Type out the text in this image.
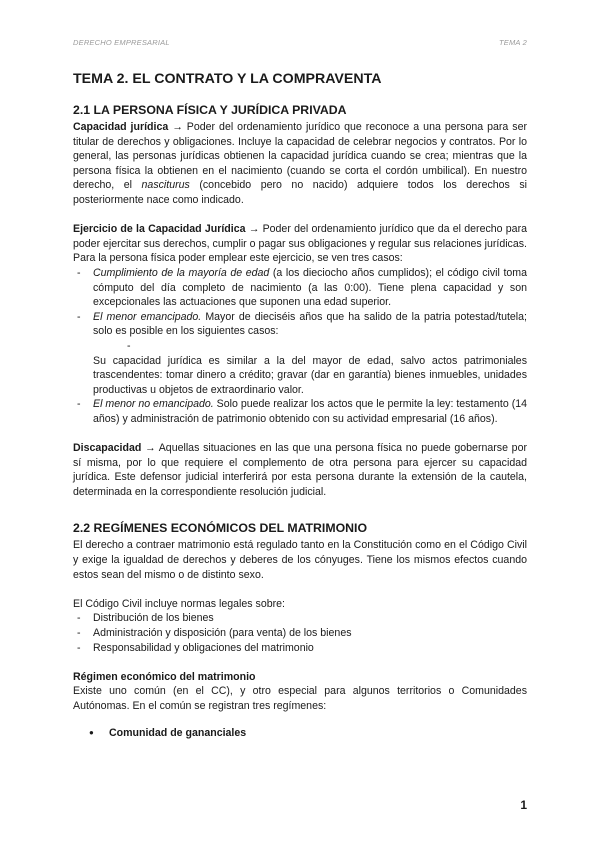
DERECHO EMPRESARIAL	TEMA 2
TEMA 2. EL CONTRATO Y LA COMPRAVENTA
2.1 LA PERSONA FÍSICA Y JURÍDICA PRIVADA

Capacidad jurídica → Poder del ordenamiento jurídico que reconoce a una persona para ser titular de derechos y obligaciones. Incluye la capacidad de celebrar negocios y contratos. Por lo general, las personas jurídicas obtienen la capacidad jurídica cuando se crea; mientras que la persona física la obtienen en el nacimiento (cuando se corta el cordón umbilical). En nuestro derecho, el nasciturus (concebido pero no nacido) adquiere todos los derechos si posteriormente nace como indicado.

Ejercicio de la Capacidad Jurídica → Poder del ordenamiento jurídico que da el derecho para poder ejercitar sus derechos, cumplir o pagar sus obligaciones y regular sus relaciones jurídicas. Para la persona física poder emplear este ejercicio, se ven tres casos:

- Cumplimiento de la mayoría de edad (a los dieciocho años cumplidos); el código civil toma cómputo del día completo de nacimiento (a las 0:00). Tiene plena capacidad y son excepcionales las actuaciones que suponen una edad superior.
- El menor emancipado. Mayor de dieciséis años que ha salido de la patria potestad/tutela; solo es posible en los siguientes casos:
-
Su capacidad jurídica es similar a la del mayor de edad, salvo actos patrimoniales trascendentes: tomar dinero a crédito; gravar (dar en garantía) bienes inmuebles, unidades productivas u objetos de extraordinario valor.
- El menor no emancipado. Solo puede realizar los actos que le permite la ley: testamento (14 años) y administración de patrimonio obtenido con su actividad empresarial (16 años).

Discapacidad → Aquellas situaciones en las que una persona física no puede gobernarse por sí misma, por lo que requiere el complemento de otra persona para ejercer su capacidad jurídica. Este defensor judicial interferirá por esta persona durante la extensión de la cautela, determinada en la correspondiente resolución judicial.

2.2 REGÍMENES ECONÓMICOS DEL MATRIMONIO

El derecho a contraer matrimonio está regulado tanto en la Constitución como en el Código Civil y exige la igualdad de derechos y deberes de los cónyuges. Tiene los mismos efectos cuando estos sean del mismo o de distinto sexo.

El Código Civil incluye normas legales sobre:

- Distribución de los bienes
- Administración y disposición (para venta) de los bienes
- Responsabilidad y obligaciones del matrimonio

Régimen económico del matrimonio

Existe uno común (en el CC), y otro especial para algunos territorios o Comunidades Autónomas. En el común se registran tres regímenes:

● Comunidad de gananciales
1
